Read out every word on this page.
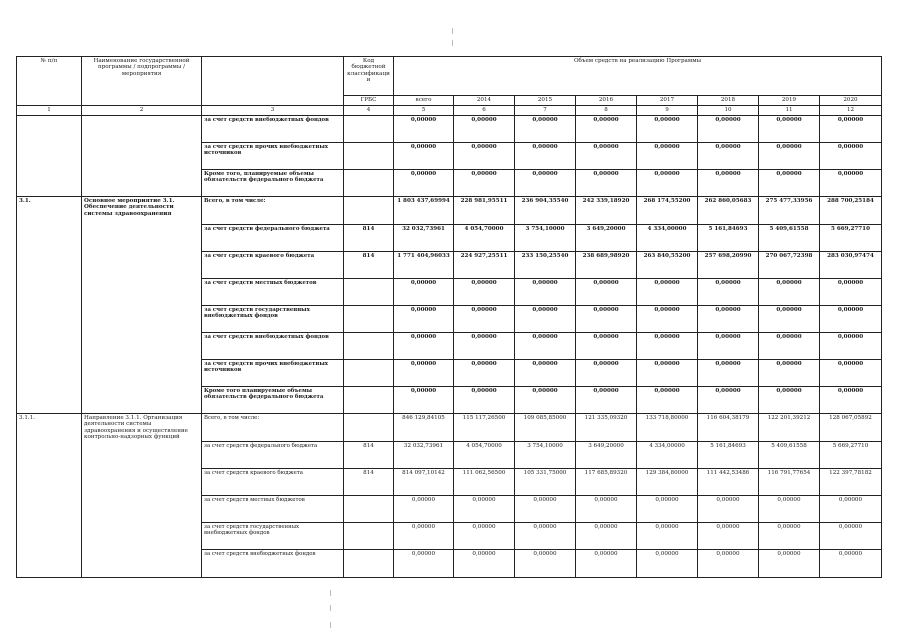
№ п/п	Наименование государственной программы / подпрограммы / мероприятия		Код бюджетной классификации	Объем средств на реализацию Программы							
			ГРБС	всего	2014	2015	2016	2017	2018	2019	2020
1	2	3	4	5	6	7	8	9	10	11	12
		за счет средств внебюджетных фондов		0,00000	0,00000	0,00000	0,00000	0,00000	0,00000	0,00000	0,00000
		за счет средств прочих внебюджетных источников		0,00000	0,00000	0,00000	0,00000	0,00000	0,00000	0,00000	0,00000
		Кроме того, планируемые объемы обязательств федерального бюджета		0,00000	0,00000	0,00000	0,00000	0,00000	0,00000	0,00000	0,00000
3.1.	Основное мероприятие 3.1. Обеспечение деятельности системы здравоохранения	Всего, в том числе:		1 803 437,69994	228 981,95511	236 904,35540	242 339,18920	268 174,55200	262 860,05683	275 477,33956	288 700,25184
		за счет средств федерального бюджета	814	32 032,73961	4 054,70000	3 754,10000	3 649,20000	4 334,00000	5 161,84693	5 409,61558	5 669,27710
		за счет средств краевого бюджета	814	1 771 404,96033	224 927,25511	233 150,25540	238 689,98920	263 840,55200	257 698,20990	270 067,72398	283 030,97474
		за счет средств местных бюджетов		0,00000	0,00000	0,00000	0,00000	0,00000	0,00000	0,00000	0,00000
		за счет средств государственных внебюджетных фондов		0,00000	0,00000	0,00000	0,00000	0,00000	0,00000	0,00000	0,00000
		за счет средств внебюджетных фондов		0,00000	0,00000	0,00000	0,00000	0,00000	0,00000	0,00000	0,00000
		за счет средств прочих внебюджетных источников		0,00000	0,00000	0,00000	0,00000	0,00000	0,00000	0,00000	0,00000
		Кроме того планируемые объемы обязательств федерального бюджета		0,00000	0,00000	0,00000	0,00000	0,00000	0,00000	0,00000	0,00000
3.1.1.	Направление 3.1.1. Организация деятельности системы здравоохранения и осуществление контрольно-надзорных функций	Всего, в том числе:		846 129,84105	115 117,26500	109 085,85000	121 335,09320	133 718,80000	116 604,38179	122 201,39212	128 067,05892
		за счет средств федерального бюджета	814	32 032,73961	4 054,70000	3 754,10000	3 649,20000	4 334,00000	5 161,84693	5 409,61558	5 669,27710
		за счет средств краевого бюджета	814	814 097,10142	111 062,56500	105 331,75000	117 685,89320	129 384,80000	111 442,53486	116 791,77654	122 397,78182
		за счет средств местных бюджетов		0,00000	0,00000	0,00000	0,00000	0,00000	0,00000	0,00000	0,00000
		за счет средств государственных внебюджетных фондов		0,00000	0,00000	0,00000	0,00000	0,00000	0,00000	0,00000	0,00000
		за счет средств внебюджетных фондов		0,00000	0,00000	0,00000	0,00000	0,00000	0,00000	0,00000	0,00000
